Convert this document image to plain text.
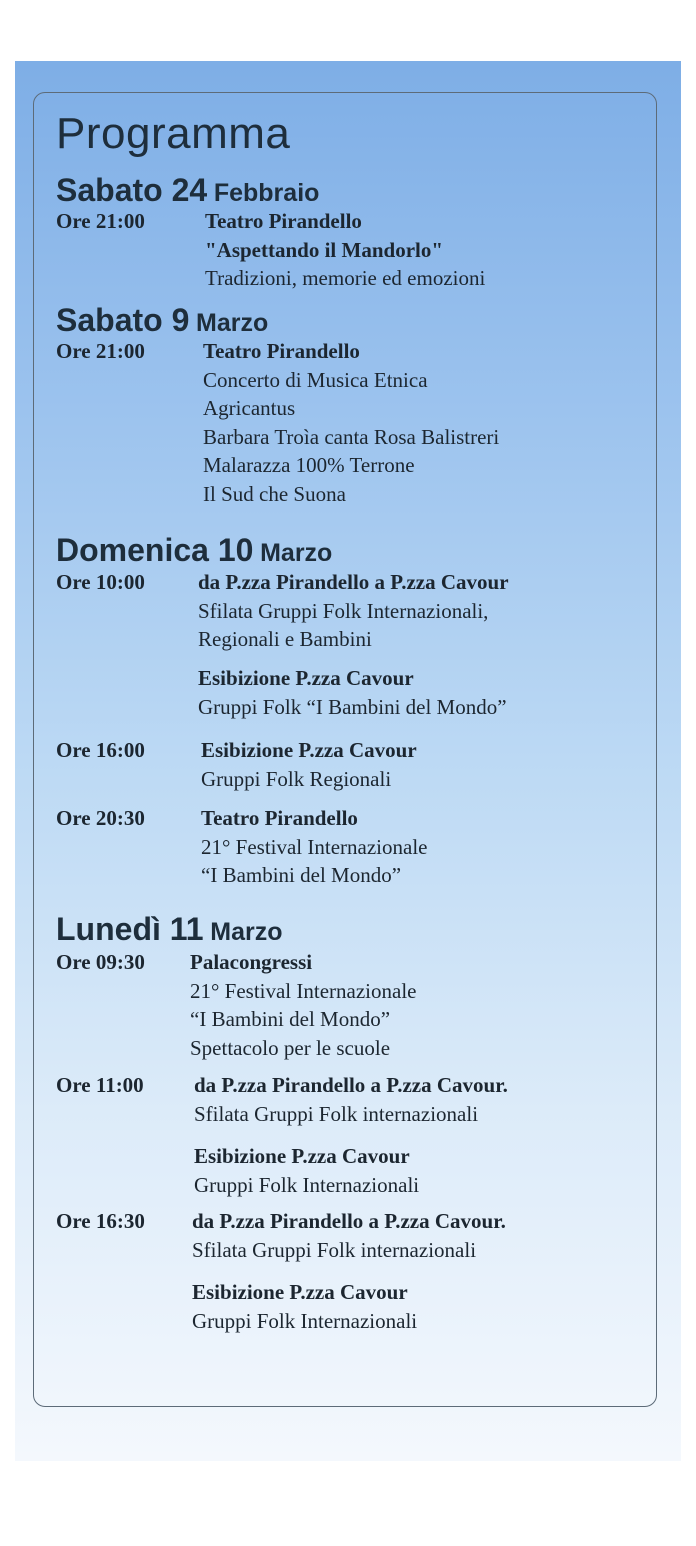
Programma
Sabato 24 Febbraio
Ore 21:00	Teatro Pirandello
"Aspettando il Mandorlo"
Tradizioni, memorie ed emozioni
Sabato 9 Marzo
Ore 21:00	Teatro Pirandello
Concerto di Musica Etnica
Agricantus
Barbara Troìa canta Rosa Balistreri
Malarazza 100% Terrone
Il Sud che Suona
Domenica 10 Marzo
Ore 10:00	da P.zza Pirandello a P.zza Cavour
Sfilata Gruppi Folk Internazionali,
Regionali e Bambini
Esibizione P.zza Cavour
Gruppi Folk “I Bambini del Mondo”
Ore 16:00	Esibizione P.zza Cavour
Gruppi Folk Regionali
Ore 20:30	Teatro Pirandello
21° Festival Internazionale
“I Bambini del Mondo”
Lunedì 11 Marzo
Ore 09:30 Palacongressi
21° Festival Internazionale
“I Bambini del Mondo”
Spettacolo per le scuole
Ore 11:00 da P.zza Pirandello a P.zza Cavour.
Sfilata Gruppi Folk internazionali
Esibizione P.zza Cavour
Gruppi Folk Internazionali
Ore 16:30 da P.zza Pirandello a P.zza Cavour.
Sfilata Gruppi Folk internazionali
Esibizione P.zza Cavour
Gruppi Folk Internazionali
